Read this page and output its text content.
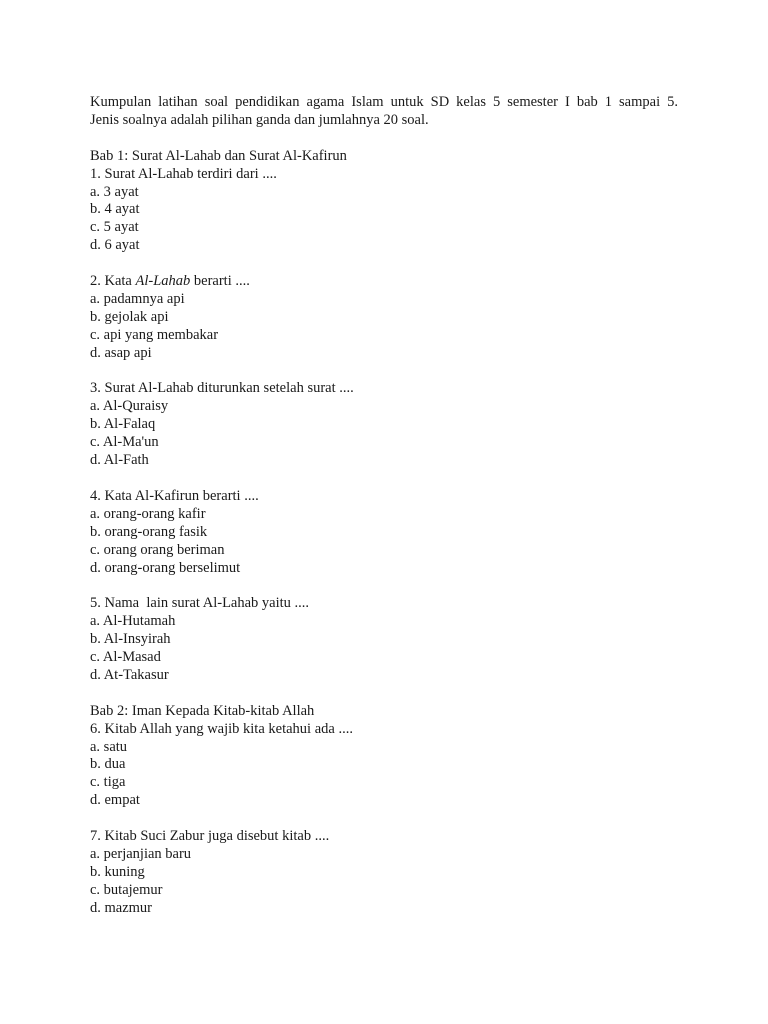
Kumpulan latihan soal pendidikan agama Islam untuk SD kelas 5 semester I bab 1 sampai 5.
Jenis soalnya adalah pilihan ganda dan jumlahnya 20 soal.
Bab 1: Surat Al-Lahab dan Surat Al-Kafirun
1. Surat Al-Lahab terdiri dari ....
a. 3 ayat
b. 4 ayat
c. 5 ayat
d. 6 ayat
2. Kata Al-Lahab berarti ....
a. padamnya api
b. gejolak api
c. api yang membakar
d. asap api
3. Surat Al-Lahab diturunkan setelah surat ....
a. Al-Quraisy
b. Al-Falaq
c. Al-Ma'un
d. Al-Fath
4. Kata Al-Kafirun berarti ....
a. orang-orang kafir
b. orang-orang fasik
c. orang orang beriman
d. orang-orang berselimut
5. Nama  lain surat Al-Lahab yaitu ....
a. Al-Hutamah
b. Al-Insyirah
c. Al-Masad
d. At-Takasur
Bab 2: Iman Kepada Kitab-kitab Allah
6. Kitab Allah yang wajib kita ketahui ada ....
a. satu
b. dua
c. tiga
d. empat
7. Kitab Suci Zabur juga disebut kitab ....
a. perjanjian baru
b. kuning
c. butajemur
d. mazmur
